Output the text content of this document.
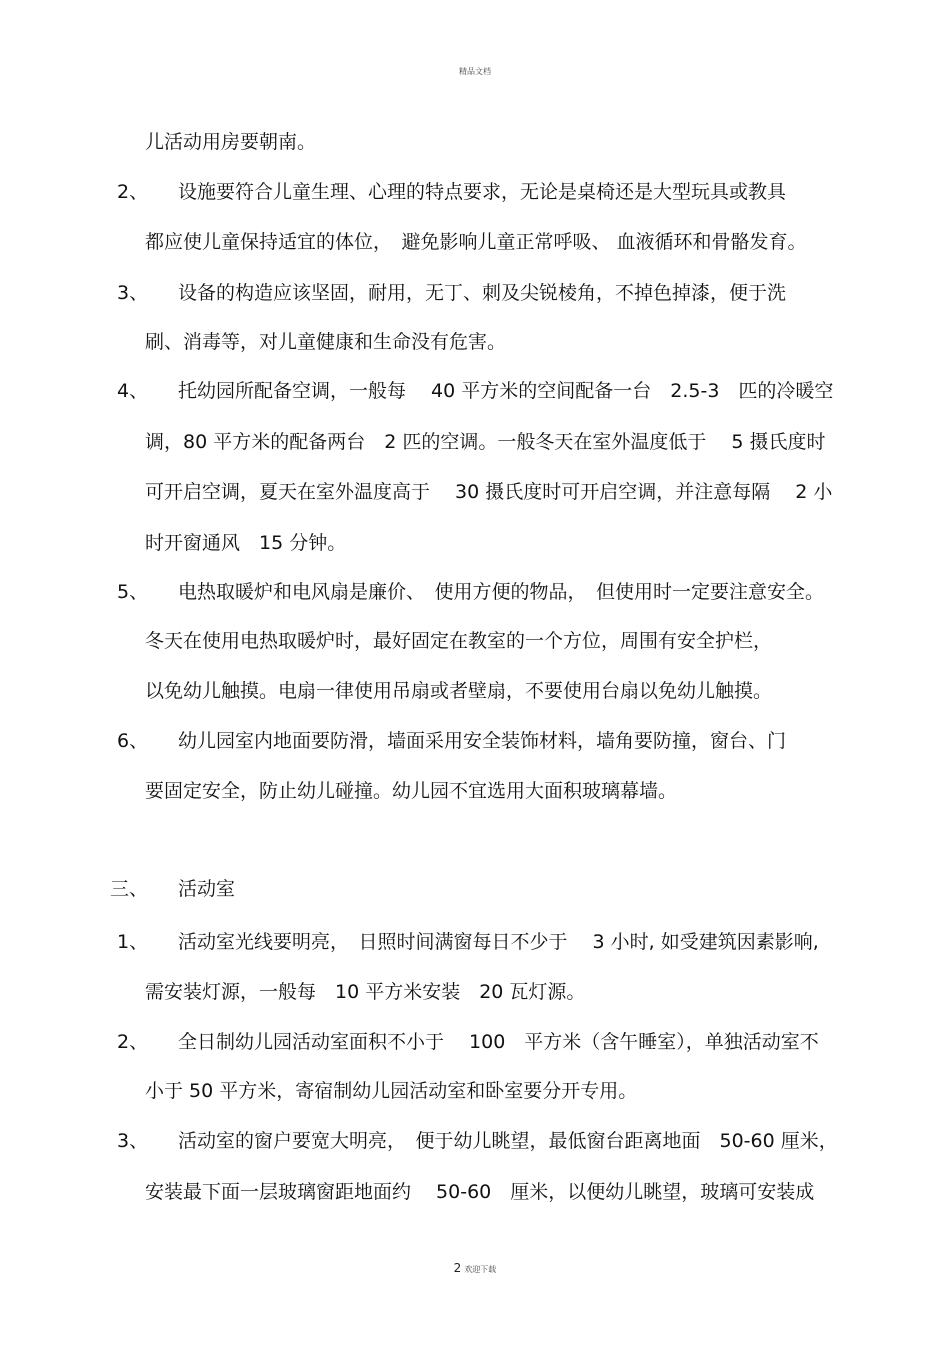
精品文档
2、
3、
4、
5、
6、
三、
1、
2、
3、
儿活动用房要朝南。
设施要符合儿童生理、心理的特点要求，无论是桌椅还是大型玩具或教具
都应使儿童保持适宜的体位，　避免影响儿童正常呼吸、 血液循环和骨骼发育。
设备的构造应该坚固，耐用，无丁、刺及尖锐棱角，不掉色掉漆，便于洗
刷、消毒等，对儿童健康和生命没有危害。
托幼园所配备空调，一般每　 40 平方米的空间配备一台　2.5-3　匹的冷暖空
调，80 平方米的配备两台　2 匹的空调。一般冬天在室外温度低于　 5 摄氏度时
可开启空调，夏天在室外温度高于　 30 摄氏度时可开启空调，并注意每隔　 2 小
时开窗通风　15 分钟。
电热取暖炉和电风扇是廉价、　使用方便的物品，　但使用时一定要注意安全。
冬天在使用电热取暖炉时，最好固定在教室的一个方位，周围有安全护栏，
以免幼儿触摸。电扇一律使用吊扇或者壁扇，不要使用台扇以免幼儿触摸。
幼儿园室内地面要防滑，墙面采用安全装饰材料，墙角要防撞，窗台、门
要固定安全，防止幼儿碰撞。幼儿园不宜选用大面积玻璃幕墙。
活动室
活动室光线要明亮，　日照时间满窗每日不少于　 3 小时, 如受建筑因素影响,
需安装灯源，一般每　10 平方米安装　20 瓦灯源。
全日制幼儿园活动室面积不小于　 100　平方米（含午睡室），单独活动室不
小于 50 平方米，寄宿制幼儿园活动室和卧室要分开专用。
活动室的窗户要宽大明亮，　便于幼儿眺望，最低窗台距离地面　50-60 厘米，
安装最下面一层玻璃窗距地面约　 50-60　厘米，以便幼儿眺望，玻璃可安装成
2 欢迎下载
